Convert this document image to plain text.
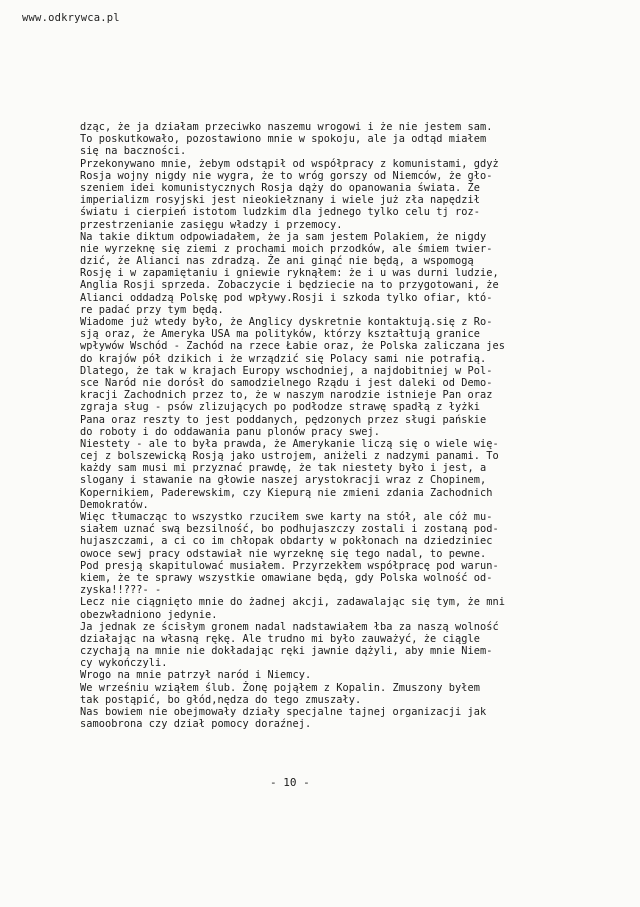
www.odkrywca.pl
dząc, że ja działam przeciwko naszemu wrogowi i że nie jestem sam.
To poskutkowało, pozostawiono mnie w spokoju, ale ja odtąd miałem
się na baczności.
Przekonywano mnie, żebym odstąpił od współpracy z komunistami, gdyż
Rosja wojny nigdy nie wygra, że to wróg gorszy od Niemców, że gło-
szeniem idei komunistycznych Rosja dąży do opanowania świata. Że
imperializm rosyjski jest nieokiełznany i wiele już zła napędził
światu i cierpień istotom ludzkim dla jednego tylko celu tj roz-
przestrzenianie zasięgu władzy i przemocy.
Na takie diktum odpowiadałem, że ja sam jestem Polakiem, że nigdy
nie wyrzeknę się ziemi z prochami moich przodków, ale śmiem twier-
dzić, że Alianci nas zdradzą. Że ani ginąć nie będą, a wspomogą
Rosję i w zapamiętaniu i gniewie ryknąłem: że i u was durni ludzie,
Anglia Rosji sprzeda. Zobaczycie i będziecie na to przygotowani, że
Alianci oddadzą Polskę pod wpływy.Rosji i szkoda tylko ofiar, któ-
re padać przy tym będą.
Wiadome już wtedy było, że Anglicy dyskretnie kontaktują.się z Ro-
sją oraz, że Ameryka USA ma polityków, którzy kształtują granice
wpływów Wschód - Zachód na rzece Łabie oraz, że Polska zaliczana jes
do krajów pół dzikich i że wrządzić się Polacy sami nie potrafią.
Dlatego, że tak w krajach Europy wschodniej, a najdobitniej w Pol-
sce Naród nie dorósł do samodzielnego Rządu i jest daleki od Demo-
kracji Zachodnich przez to, że w naszym narodzie istnieje Pan oraz
zgraja sług - psów zlizujących po podłodze strawę spadłą z łyżki
Pana oraz reszty to jest poddanych, pędzonych przez sługi pańskie
do roboty i do oddawania panu plonów pracy swej.
Niestety - ale to była prawda, że Amerykanie liczą się o wiele wię-
cej z bolszewicką Rosją jako ustrojem, aniżeli z nadzymi panami. To
każdy sam musi mi przyznać prawdę, że tak niestety było i jest, a
slogany i stawanie na głowie naszej arystokracji wraz z Chopinem,
Kopernikiem, Paderewskim, czy Kiepurą nie zmieni zdania Zachodnich
Demokratów.
Więc tłumacząc to wszystko rzuciłem swe karty na stół, ale cóż mu-
siałem uznać swą bezsilność, bo podhujaszczy zostali i zostaną pod-
hujaszczami, a ci co im chłopak obdarty w pokłonach na dziedziniec
owoce sewj pracy odstawiał nie wyrzeknę się tego nadal, to pewne.
Pod presją skapitulować musiałem. Przyrzekłem współpracę pod warun-
kiem, że te sprawy wszystkie omawiane będą, gdy Polska wolność od-
zyska!!???- -
Lecz nie ciągnięto mnie do żadnej akcji, zadawalając się tym, że mni
obezwładniono jedynie.
Ja jednak ze ścisłym gronem nadal nadstawiałem łba za naszą wolność
działając na własną rękę. Ale trudno mi było zauważyć, że ciągle
czychają na mnie nie dokładając ręki jawnie dążyli, aby mnie Niem-
cy wykończyli.
Wrogo na mnie patrzył naród i Niemcy.
We wrześniu wziąłem ślub. Żonę pojąłem z Kopalin. Zmuszony byłem
tak postąpić, bo głód,nędza do tego zmuszały.
Nas bowiem nie obejmowały działy specjalne tajnej organizacji jak
samoobrona czy dział pomocy doraźnej.
- 10 -
